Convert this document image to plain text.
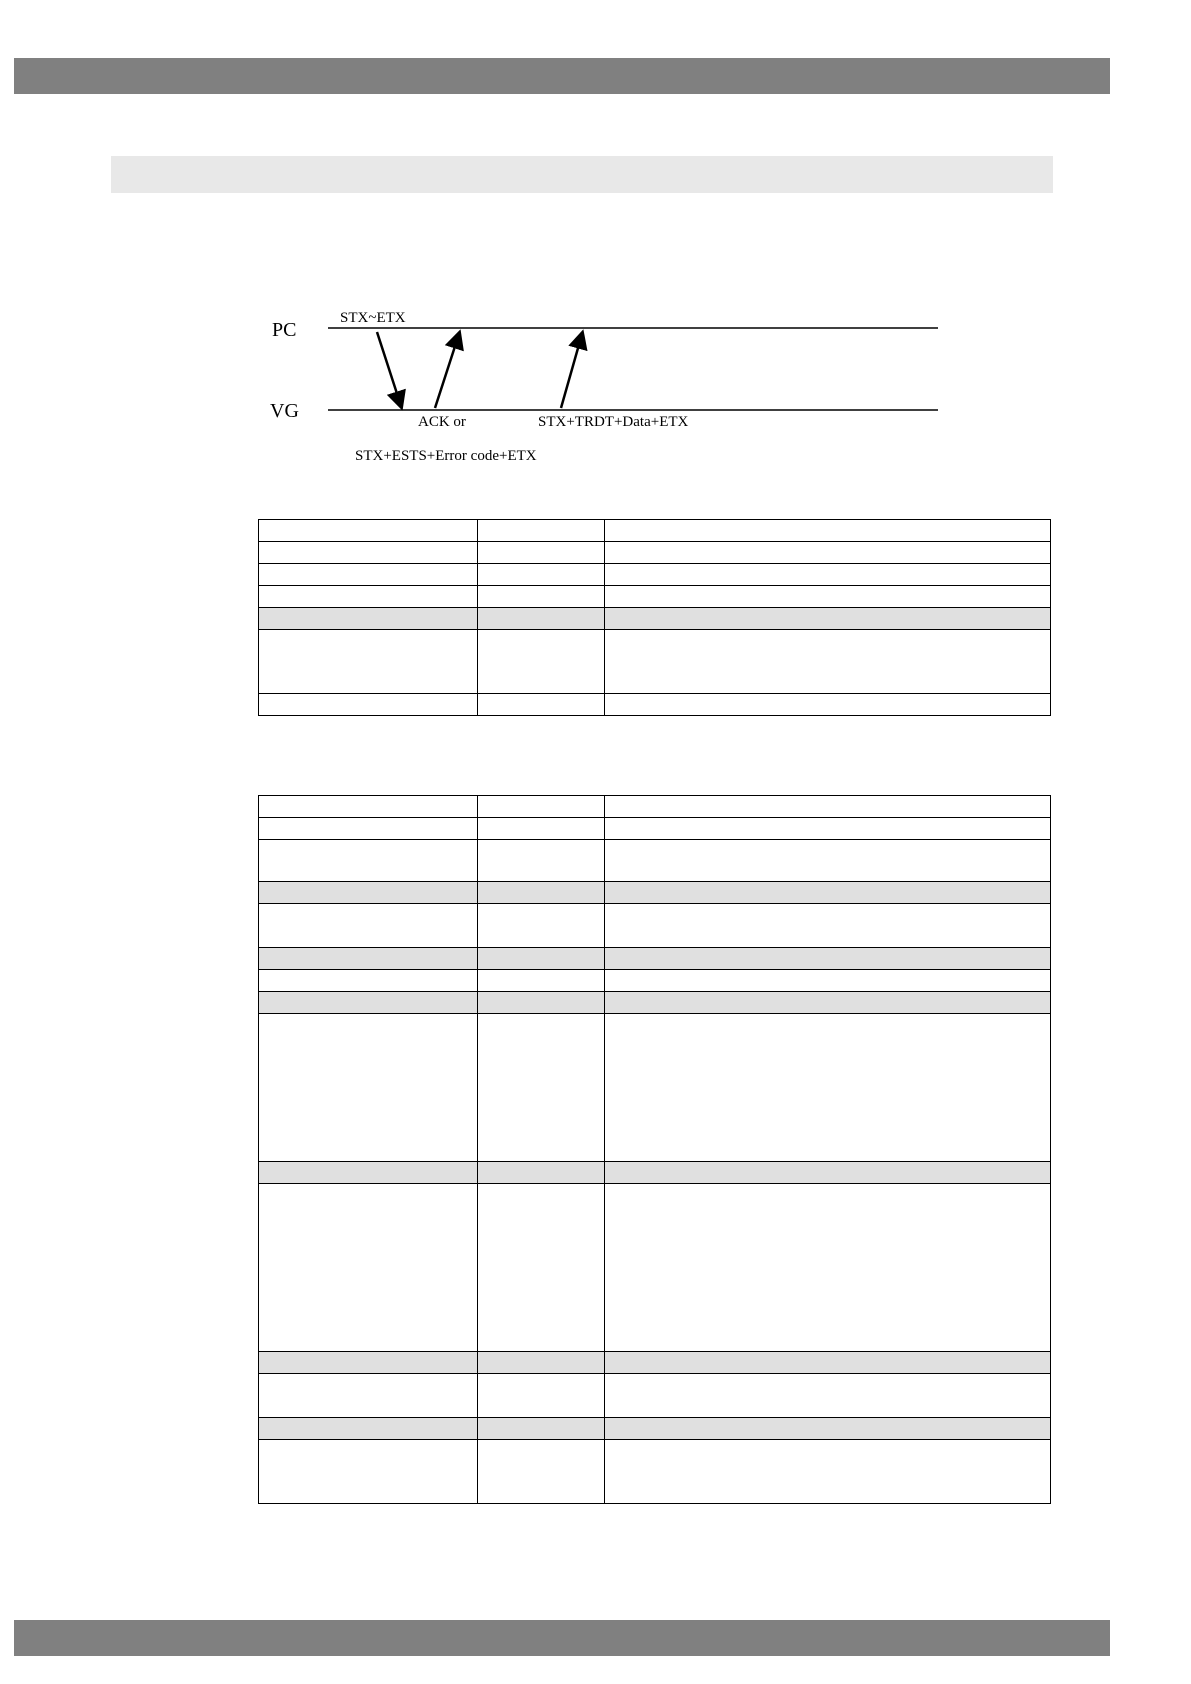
PC
VG
STX~ETX
ACK or	STX+TRDT+Data+ETX
STX+ESTS+Error code+ETX
